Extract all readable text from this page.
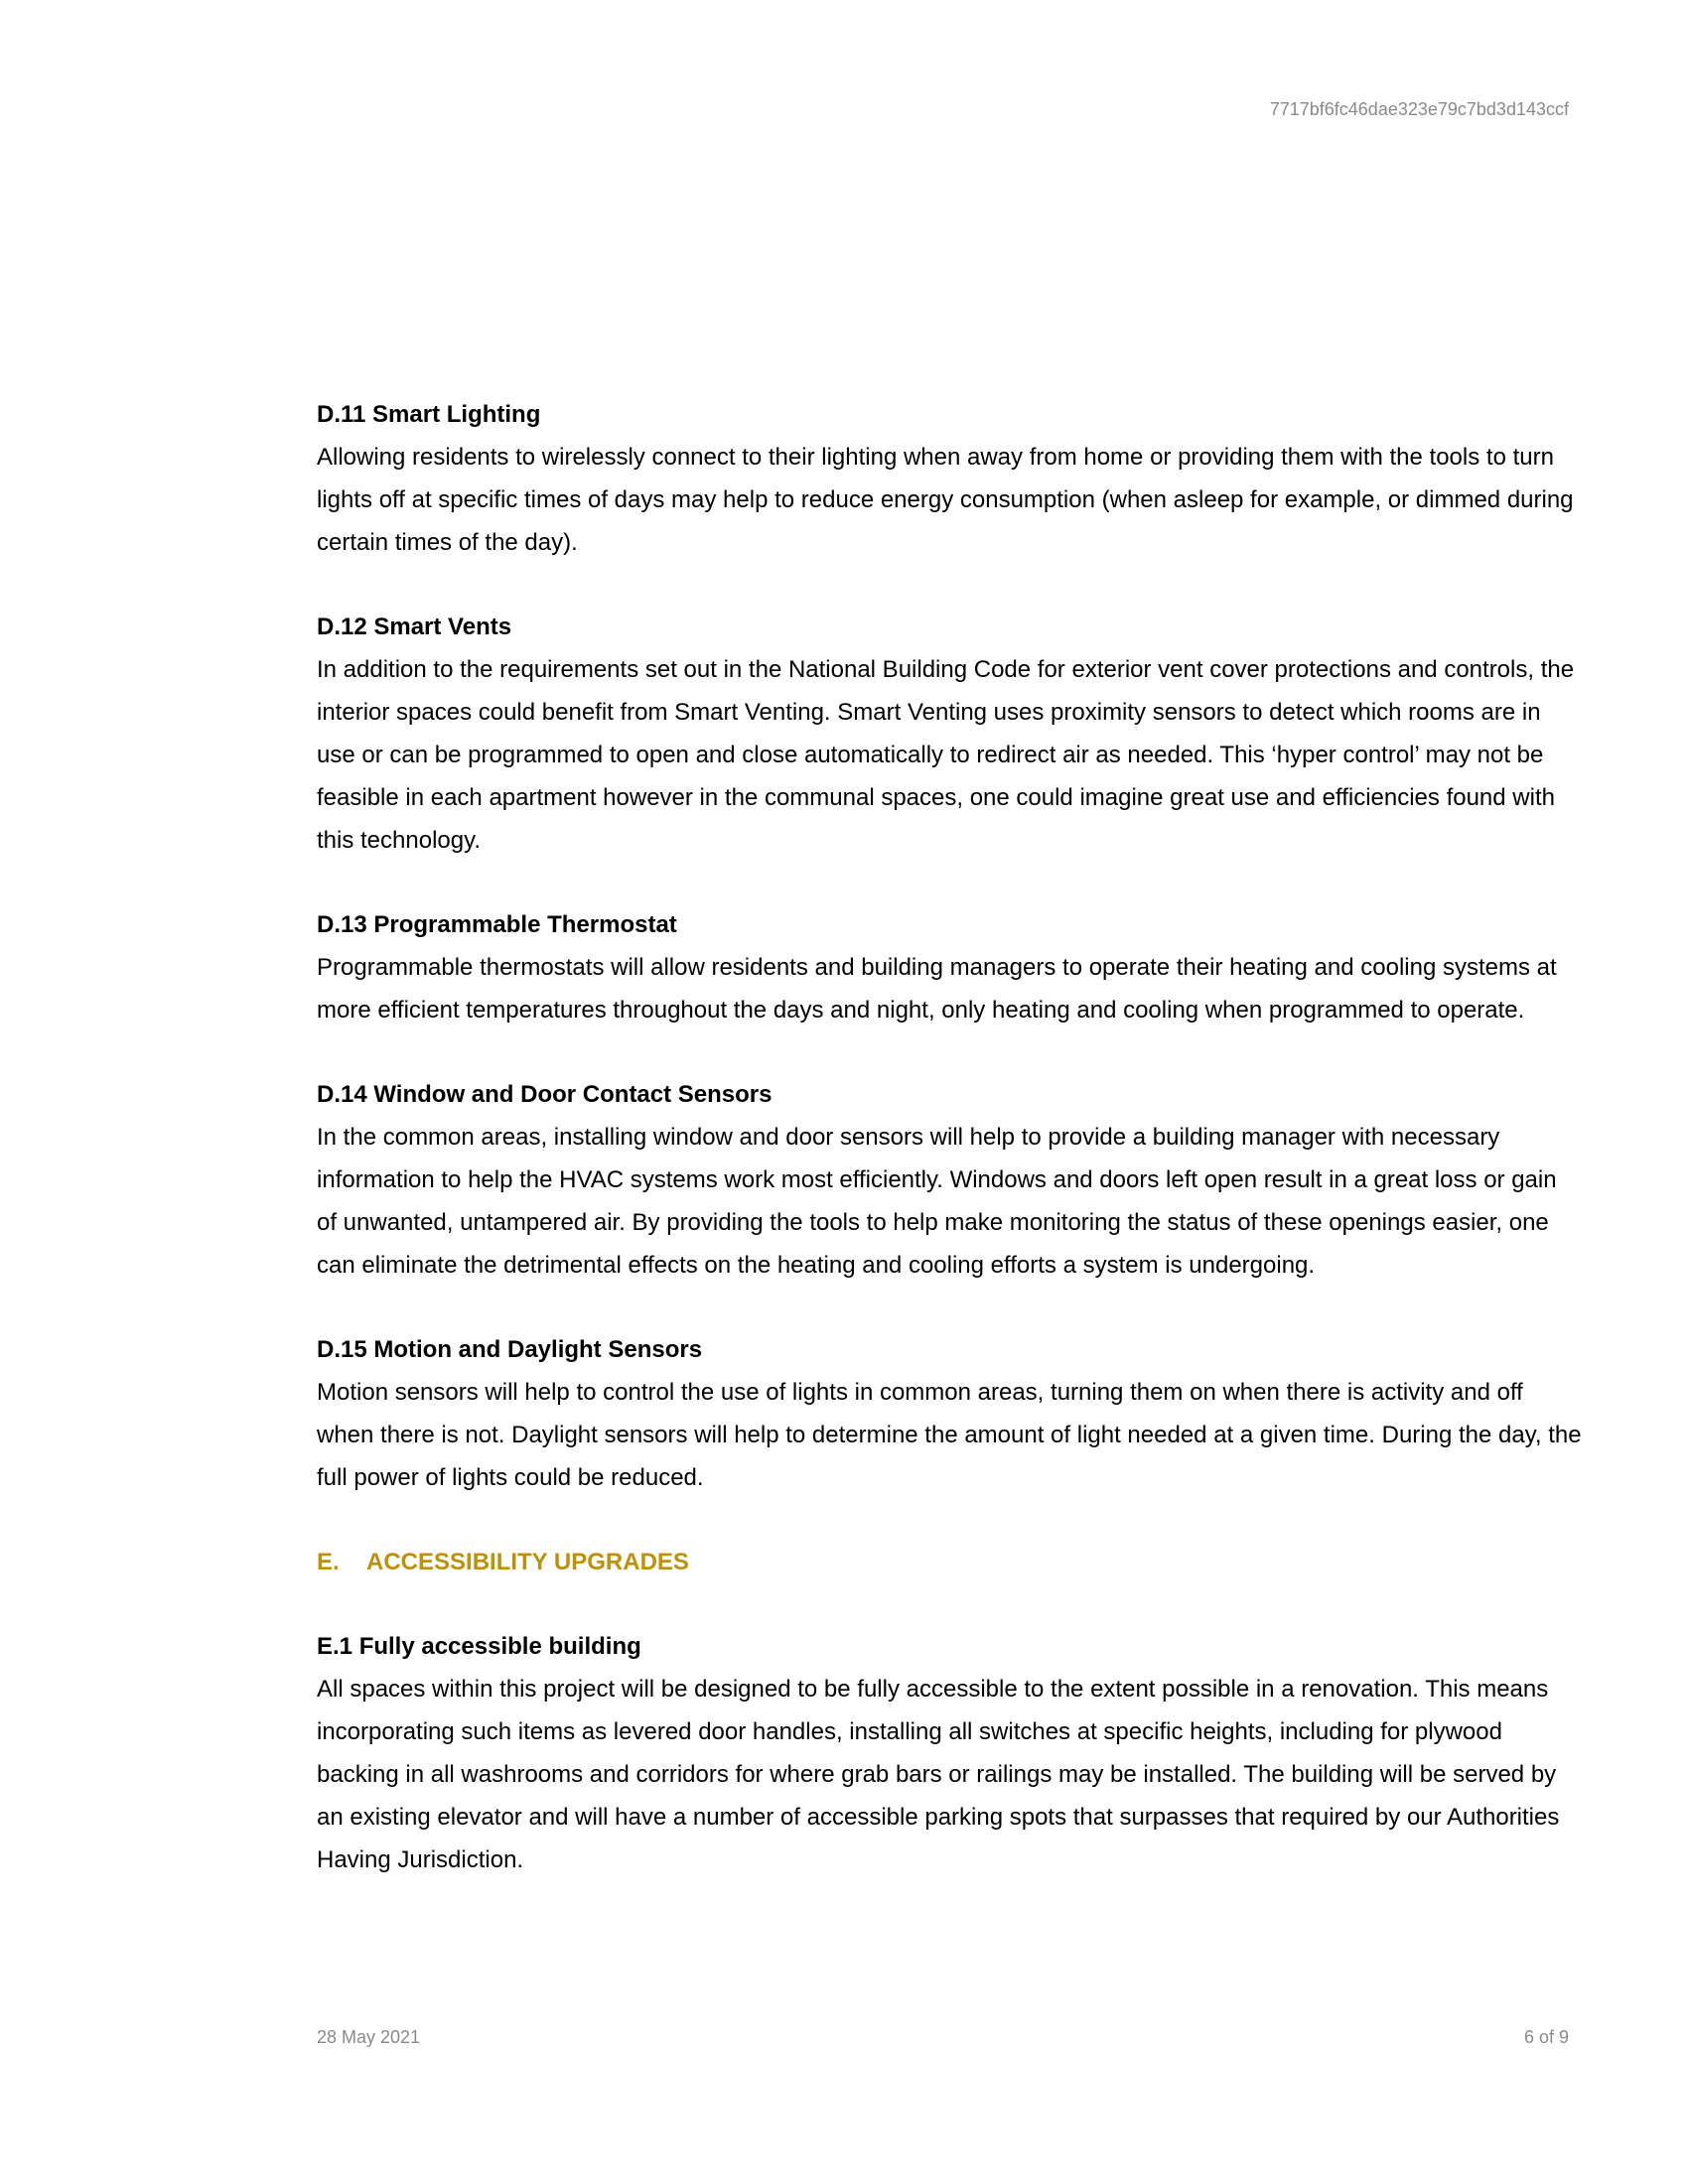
7717bf6fc46dae323e79c7bd3d143ccf

D.11 Smart Lighting

Allowing residents to wirelessly connect to their lighting when away from home or providing them with the tools to turn lights off at specific times of days may help to reduce energy consumption (when asleep for example, or dimmed during certain times of the day).

D.12 Smart Vents

In addition to the requirements set out in the National Building Code for exterior vent cover protections and controls, the interior spaces could benefit from Smart Venting. Smart Venting uses proximity sensors to detect which rooms are in use or can be programmed to open and close automatically to redirect air as needed. This ‘hyper control’ may not be feasible in each apartment however in the communal spaces, one could imagine great use and efficiencies found with this technology.

D.13 Programmable Thermostat

Programmable thermostats will allow residents and building managers to operate their heating and cooling systems at more efficient temperatures throughout the days and night, only heating and cooling when programmed to operate.

D.14 Window and Door Contact Sensors

In the common areas, installing window and door sensors will help to provide a building manager with necessary information to help the HVAC systems work most efficiently. Windows and doors left open result in a great loss or gain of unwanted, untampered air. By providing the tools to help make monitoring the status of these openings easier, one can eliminate the detrimental effects on the heating and cooling efforts a system is undergoing.

D.15 Motion and Daylight Sensors

Motion sensors will help to control the use of lights in common areas, turning them on when there is activity and off when there is not. Daylight sensors will help to determine the amount of light needed at a given time. During the day, the full power of lights could be reduced.

E. ACCESSIBILITY UPGRADES

E.1 Fully accessible building

All spaces within this project will be designed to be fully accessible to the extent possible in a renovation. This means incorporating such items as levered door handles, installing all switches at specific heights, including for plywood backing in all washrooms and corridors for where grab bars or railings may be installed. The building will be served by an existing elevator and will have a number of accessible parking spots that surpasses that required by our Authorities Having Jurisdiction.

28 May 2021	6 of 9
